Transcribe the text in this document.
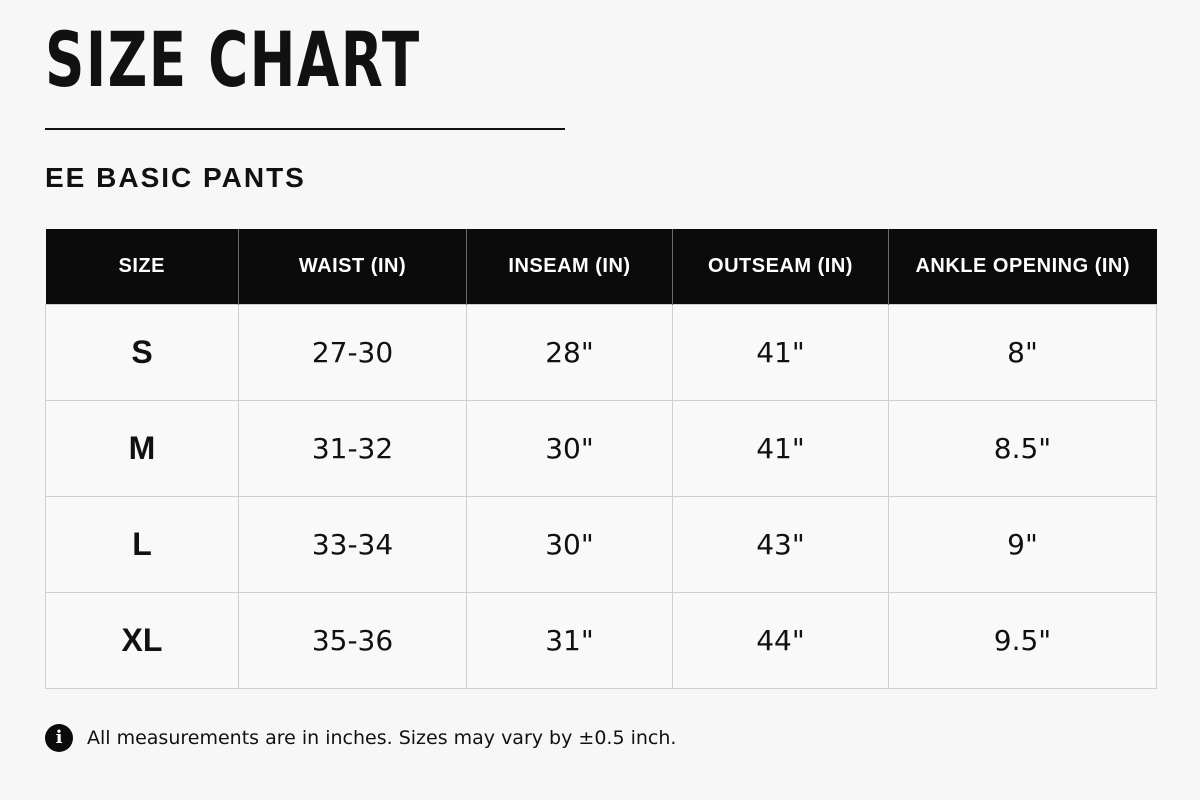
SIZE CHART
EE BASIC PANTS
SIZE	WAIST (IN)	INSEAM (IN)	OUTSEAM (IN)	ANKLE OPENING (IN)
S	27-30	28"	41"	8"
M	31-32	30"	41"	8.5"
L	33-34	30"	43"	9"
XL	35-36	31"	44"	9.5"
i	All measurements are in inches. Sizes may vary by ±0.5 inch.
